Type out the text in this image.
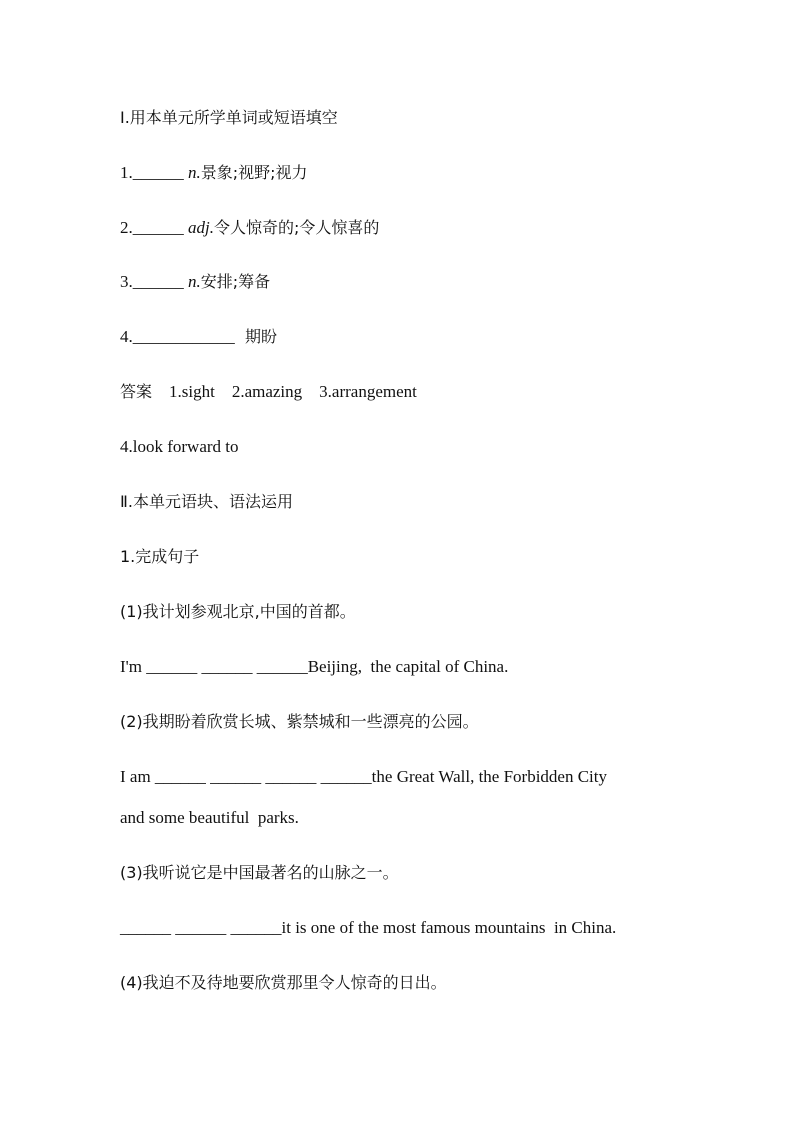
Ⅰ.用本单元所学单词或短语填空
1.______ n.景象;视野;视力
2.______ adj.令人惊奇的;令人惊喜的
3.______ n.安排;筹备
4.____________ 期盼
答案 1.sight    2.amazing    3.arrangement
4.look forward to
Ⅱ.本单元语块、语法运用
1.完成句子
(1)我计划参观北京,中国的首都。
I'm ______ ______ ______Beijing,  the capital of China.
(2)我期盼着欣赏长城、紫禁城和一些漂亮的公园。
I am ______ ______ ______ ______the Great Wall, the Forbidden City
and some beautiful  parks.
(3)我听说它是中国最著名的山脉之一。
______ ______ ______it is one of the most famous mountains  in China.
(4)我迫不及待地要欣赏那里令人惊奇的日出。
